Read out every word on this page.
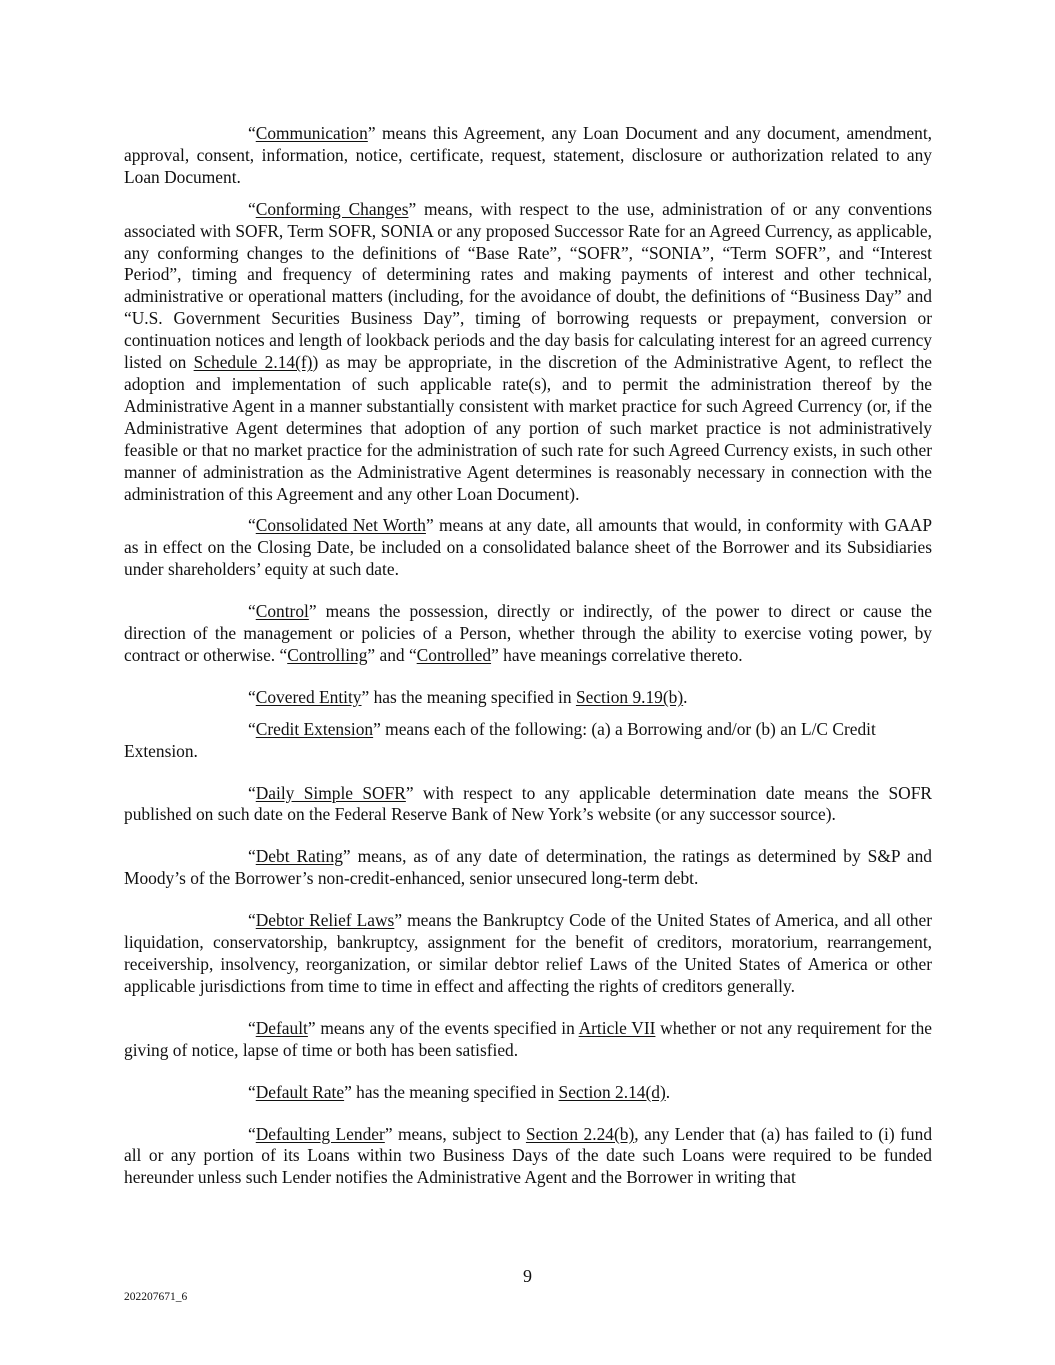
“Communication” means this Agreement, any Loan Document and any document, amendment, approval, consent, information, notice, certificate, request, statement, disclosure or authorization related to any Loan Document.

“Conforming Changes” means, with respect to the use, administration of or any conventions associated with SOFR, Term SOFR, SONIA or any proposed Successor Rate for an Agreed Currency, as applicable, any conforming changes to the definitions of “Base Rate”, “SOFR”, “SONIA”, “Term SOFR”, and “Interest Period”, timing and frequency of determining rates and making payments of interest and other technical, administrative or operational matters (including, for the avoidance of doubt, the definitions of “Business Day” and “U.S. Government Securities Business Day”, timing of borrowing requests or prepayment, conversion or continuation notices and length of lookback periods and the day basis for calculating interest for an agreed currency listed on Schedule 2.14(f)) as may be appropriate, in the discretion of the Administrative Agent, to reflect the adoption and implementation of such applicable rate(s), and to permit the administration thereof by the Administrative Agent in a manner substantially consistent with market practice for such Agreed Currency (or, if the Administrative Agent determines that adoption of any portion of such market practice is not administratively feasible or that no market practice for the administration of such rate for such Agreed Currency exists, in such other manner of administration as the Administrative Agent determines is reasonably necessary in connection with the administration of this Agreement and any other Loan Document).

“Consolidated Net Worth” means at any date, all amounts that would, in conformity with GAAP as in effect on the Closing Date, be included on a consolidated balance sheet of the Borrower and its Subsidiaries under shareholders’ equity at such date.

“Control” means the possession, directly or indirectly, of the power to direct or cause the direction of the management or policies of a Person, whether through the ability to exercise voting power, by contract or otherwise. “Controlling” and “Controlled” have meanings correlative thereto.

“Covered Entity” has the meaning specified in Section 9.19(b).

“Credit Extension” means each of the following: (a) a Borrowing and/or (b) an L/C Credit
Extension.

“Daily Simple SOFR” with respect to any applicable determination date means the SOFR published on such date on the Federal Reserve Bank of New York’s website (or any successor source).

“Debt Rating” means, as of any date of determination, the ratings as determined by S&P and Moody’s of the Borrower’s non-credit-enhanced, senior unsecured long-term debt.

“Debtor Relief Laws” means the Bankruptcy Code of the United States of America, and all other liquidation, conservatorship, bankruptcy, assignment for the benefit of creditors, moratorium, rearrangement, receivership, insolvency, reorganization, or similar debtor relief Laws of the United States of America or other applicable jurisdictions from time to time in effect and affecting the rights of creditors generally.

“Default” means any of the events specified in Article VII whether or not any requirement for the giving of notice, lapse of time or both has been satisfied.

“Default Rate” has the meaning specified in Section 2.14(d).

“Defaulting Lender” means, subject to Section 2.24(b), any Lender that (a) has failed to (i) fund all or any portion of its Loans within two Business Days of the date such Loans were required to be funded hereunder unless such Lender notifies the Administrative Agent and the Borrower in writing that

9
202207671_6
